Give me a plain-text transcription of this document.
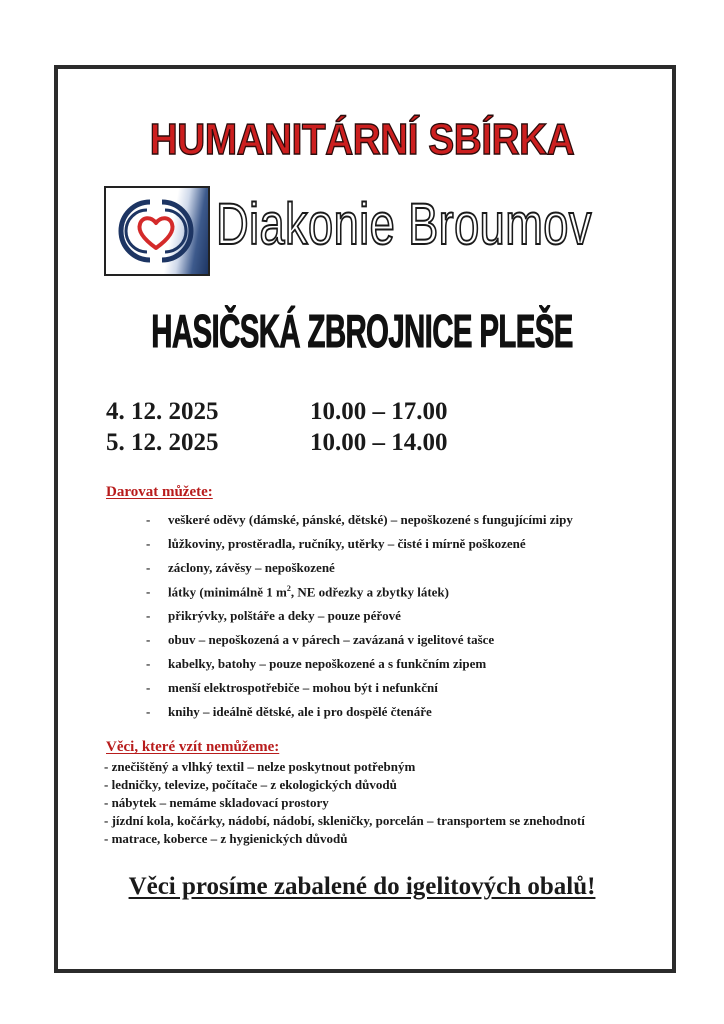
HUMANITÁRNÍ SBÍRKA
Diakonie Broumov
HASIČSKÁ ZBROJNICE PLEŠE
4. 12. 2025	10.00 – 17.00
5. 12. 2025	10.00 – 14.00
Darovat můžete:
-	veškeré oděvy (dámské, pánské, dětské) – nepoškozené s fungujícími zipy
-	lůžkoviny, prostěradla, ručníky, utěrky – čisté i mírně poškozené
-	záclony, závěsy – nepoškozené
-	látky (minimálně 1 $m^2$, NE odřezky a zbytky látek)
-	přikrývky, polštáře a deky – pouze péřové
-	obuv – nepoškozená a v párech – zavázaná v igelitové tašce
-	kabelky, batohy – pouze nepoškozené a s funkčním zipem
-	menší elektrospotřebiče – mohou být i nefunkční
-	knihy – ideálně dětské, ale i pro dospělé čtenáře
Věci, které vzít nemůžeme:
- znečištěný a vlhký textil – nelze poskytnout potřebným
- ledničky, televize, počítače – z ekologických důvodů
- nábytek – nemáme skladovací prostory
- jízdní kola, kočárky, nádobí, nádobí, skleničky, porcelán – transportem se znehodnotí
- matrace, koberce – z hygienických důvodů
Věci prosíme zabalené do igelitových obalů!
